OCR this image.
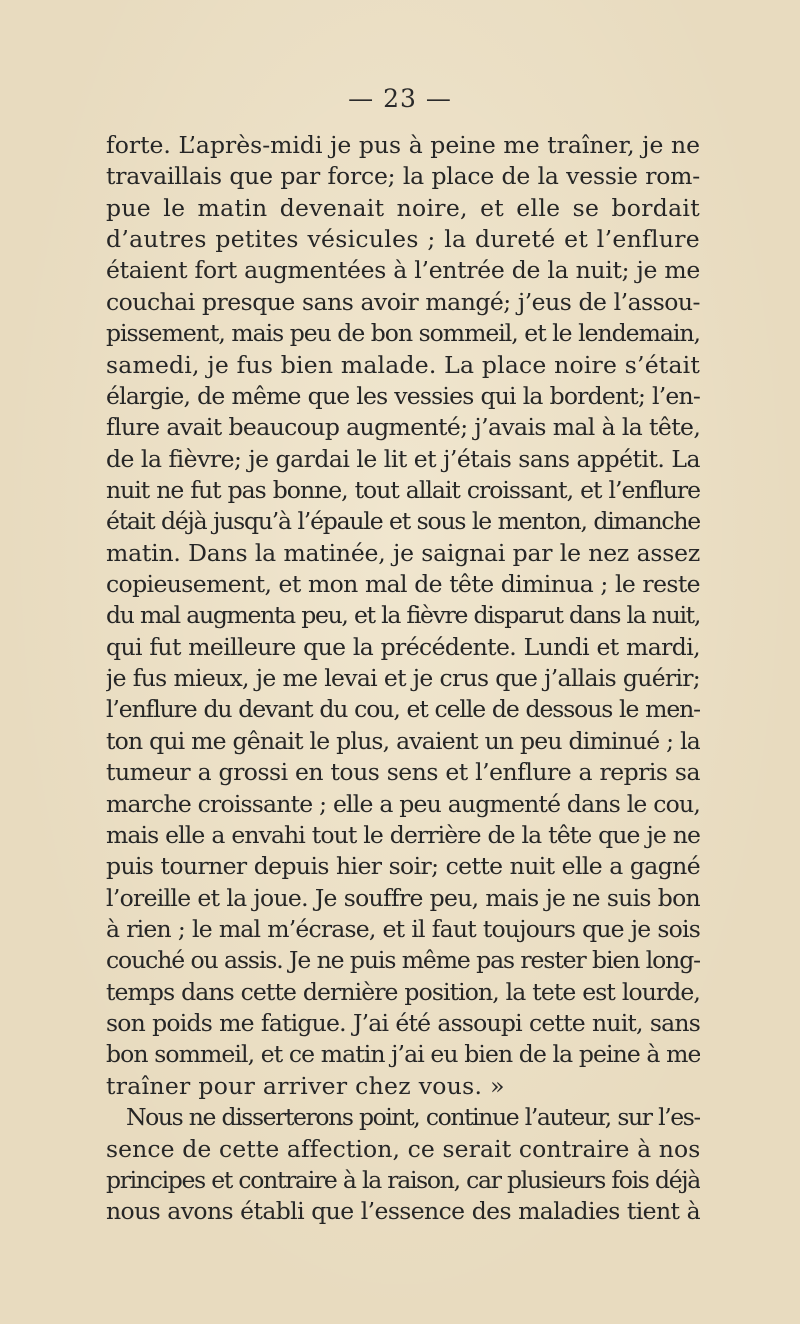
— 23 —
forte. L’après-midi je pus à peine me traîner, je ne
travaillais que par force; la place de la vessie rom-
pue le matin devenait noire, et elle se bordait
d’autres petites vésicules ; la dureté et l’enflure
étaient fort augmentées à l’entrée de la nuit; je me
couchai presque sans avoir mangé; j’eus de l’assou-
pissement, mais peu de bon sommeil, et le lendemain,
samedi, je fus bien malade. La place noire s’était
élargie, de même que les vessies qui la bordent; l’en-
flure avait beaucoup augmenté; j’avais mal à la tête,
de la fièvre; je gardai le lit et j’étais sans appétit. La
nuit ne fut pas bonne, tout allait croissant, et l’enflure
était déjà jusqu’à l’épaule et sous le menton, dimanche
matin. Dans la matinée, je saignai par le nez assez
copieusement, et mon mal de tête diminua ; le reste
du mal augmenta peu, et la fièvre disparut dans la nuit,
qui fut meilleure que la précédente. Lundi et mardi,
je fus mieux, je me levai et je crus que j’allais guérir;
l’enflure du devant du cou, et celle de dessous le men-
ton qui me gênait le plus, avaient un peu diminué ; la
tumeur a grossi en tous sens et l’enflure a repris sa
marche croissante ; elle a peu augmenté dans le cou,
mais elle a envahi tout le derrière de la tête que je ne
puis tourner depuis hier soir; cette nuit elle a gagné
l’oreille et la joue. Je souffre peu, mais je ne suis bon
à rien ; le mal m’écrase, et il faut toujours que je sois
couché ou assis. Je ne puis même pas rester bien long-
temps dans cette dernière position, la tete est lourde,
son poids me fatigue. J’ai été assoupi cette nuit, sans
bon sommeil, et ce matin j’ai eu bien de la peine à me
traîner pour arriver chez vous. »
Nous ne disserterons point, continue l’auteur, sur l’es-
sence de cette affection, ce serait contraire à nos
principes et contraire à la raison, car plusieurs fois déjà
nous avons établi que l’essence des maladies tient à
